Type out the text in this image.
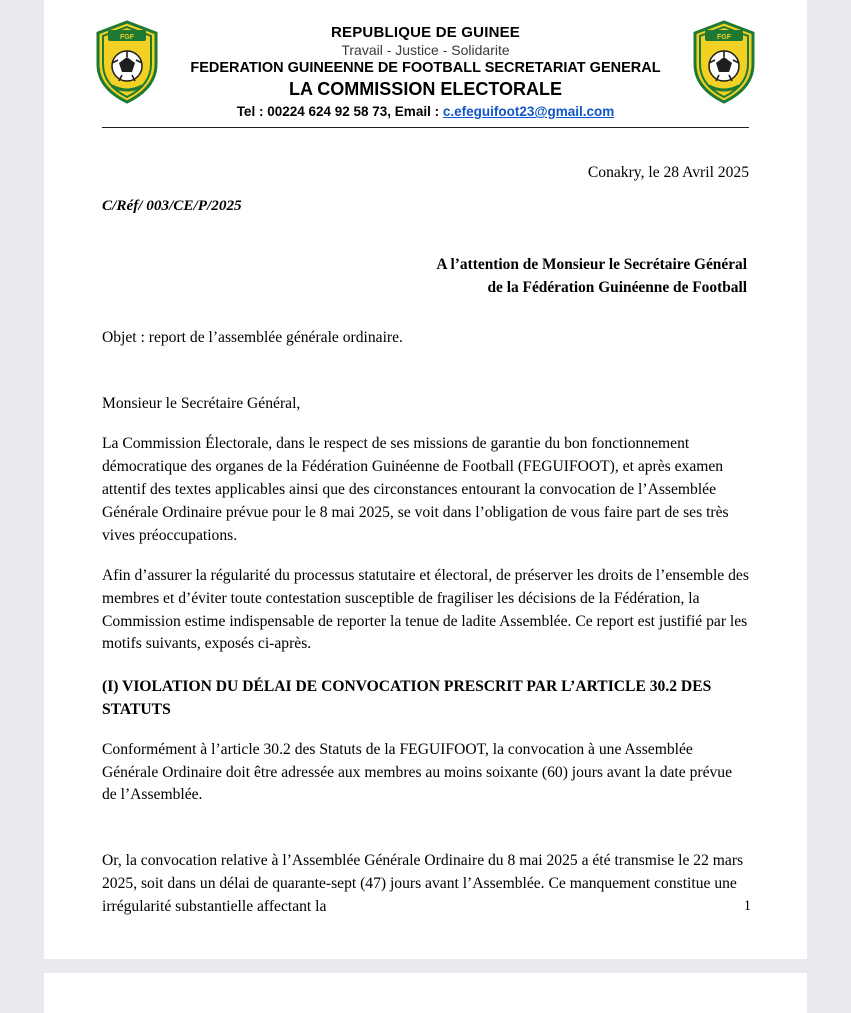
FGF	REPUBLIQUE DE GUINEE
Travail - Justice - Solidarite
FEDERATION GUINEENNE DE FOOTBALL SECRETARIAT GENERAL
LA COMMISSION ELECTORALE
Tel : 00224 624 92 58 73, Email : c.efeguifoot23@gmail.com
FGF
Conakry, le 28 Avril 2025
C/Réf/ 003/CE/P/2025
A l’attention de Monsieur le Secrétaire Général
de la Fédération Guinéenne de Football
Objet : report de l’assemblée générale ordinaire.
Monsieur le Secrétaire Général,

La Commission Électorale, dans le respect de ses missions de garantie du bon fonctionnement démocratique des organes de la Fédération Guinéenne de Football (FEGUIFOOT), et après examen attentif des textes applicables ainsi que des circonstances entourant la convocation de l’Assemblée Générale Ordinaire prévue pour le 8 mai 2025, se voit dans l’obligation de vous faire part de ses très vives préoccupations.

Afin d’assurer la régularité du processus statutaire et électoral, de préserver les droits de l’ensemble des membres et d’éviter toute contestation susceptible de fragiliser les décisions de la Fédération, la Commission estime indispensable de reporter la tenue de ladite Assemblée. Ce report est justifié par les motifs suivants, exposés ci-après.

(I) VIOLATION DU DÉLAI DE CONVOCATION PRESCRIT PAR L’ARTICLE 30.2 DES STATUTS

Conformément à l’article 30.2 des Statuts de la FEGUIFOOT, la convocation à une Assemblée Générale Ordinaire doit être adressée aux membres au moins soixante (60) jours avant la date prévue de l’Assemblée.

Or, la convocation relative à l’Assemblée Générale Ordinaire du 8 mai 2025 a été transmise le 22 mars 2025, soit dans un délai de quarante-sept (47) jours avant l’Assemblée. Ce manquement constitue une irrégularité substantielle affectant la	1
